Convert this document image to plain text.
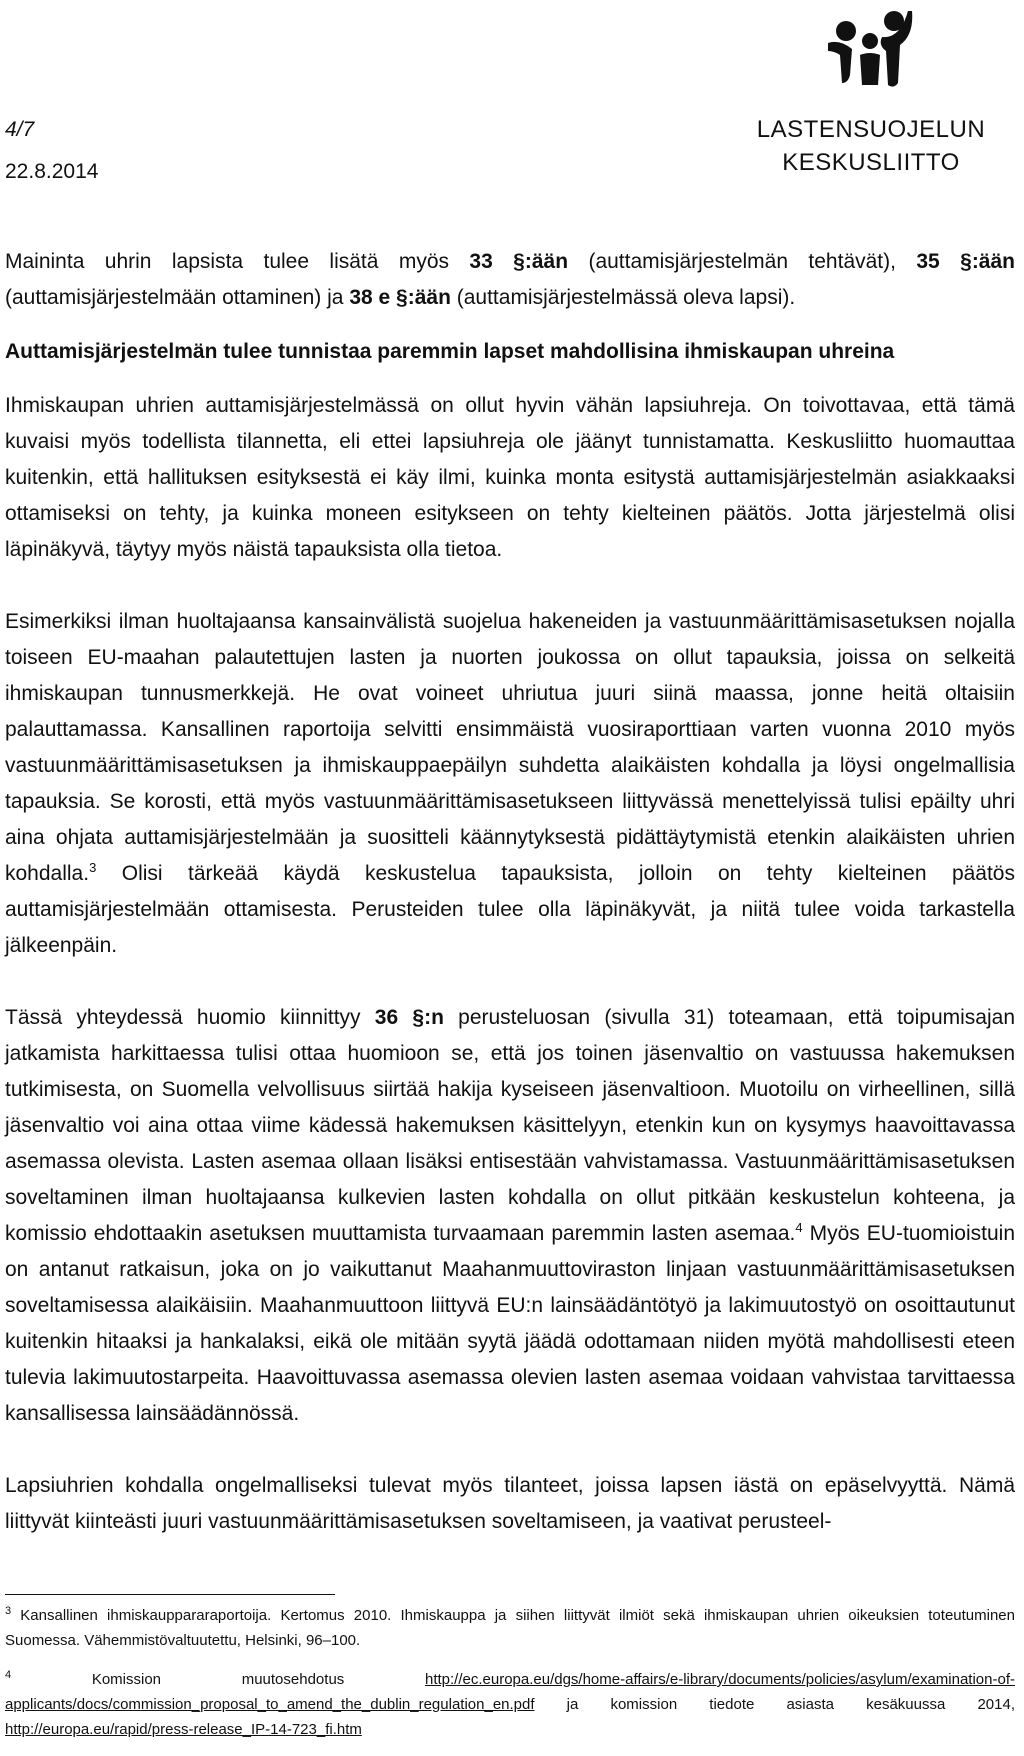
4/7
22.8.2014
LASTENSUOJELUN
KESKUSLIITTO

Maininta uhrin lapsista tulee lisätä myös 33 §:ään (auttamisjärjestelmän tehtävät), 35 §:ään (auttamisjärjestelmään ottaminen) ja 38 e §:ään (auttamisjärjestelmässä oleva lapsi).

Auttamisjärjestelmän tulee tunnistaa paremmin lapset mahdollisina ihmiskaupan uhreina

Ihmiskaupan uhrien auttamisjärjestelmässä on ollut hyvin vähän lapsiuhreja. On toivottavaa, että tämä kuvaisi myös todellista tilannetta, eli ettei lapsiuhreja ole jäänyt tunnistamatta. Keskusliitto huomauttaa kuitenkin, että hallituksen esityksestä ei käy ilmi, kuinka monta esitystä auttamisjärjestelmän asiakkaaksi ottamiseksi on tehty, ja kuinka moneen esitykseen on tehty kielteinen päätös. Jotta järjestelmä olisi läpinäkyvä, täytyy myös näistä tapauksista olla tietoa.

Esimerkiksi ilman huoltajaansa kansainvälistä suojelua hakeneiden ja vastuunmäärittämisasetuksen nojalla toiseen EU-maahan palautettujen lasten ja nuorten joukossa on ollut tapauksia, joissa on selkeitä ihmiskaupan tunnusmerkkejä. He ovat voineet uhriutua juuri siinä maassa, jonne heitä oltaisiin palauttamassa. Kansallinen raportoija selvitti ensimmäistä vuosiraporttiaan varten vuonna 2010 myös vastuunmäärittämisasetuksen ja ihmiskauppaepäilyn suhdetta alaikäisten kohdalla ja löysi ongelmallisia tapauksia. Se korosti, että myös vastuunmäärittämisasetukseen liittyvässä menettelyissä tulisi epäilty uhri aina ohjata auttamisjärjestelmään ja suositteli käännytyksestä pidättäytymistä etenkin alaikäisten uhrien kohdalla.$^3$ Olisi tärkeää käydä keskustelua tapauksista, jolloin on tehty kielteinen päätös auttamisjärjestelmään ottamisesta. Perusteiden tulee olla läpinäkyvät, ja niitä tulee voida tarkastella jälkeenpäin.

Tässä yhteydessä huomio kiinnittyy 36 §:n perusteluosan (sivulla 31) toteamaan, että toipumisajan jatkamista harkittaessa tulisi ottaa huomioon se, että jos toinen jäsenvaltio on vastuussa hakemuksen tutkimisesta, on Suomella velvollisuus siirtää hakija kyseiseen jäsenvaltioon. Muotoilu on virheellinen, sillä jäsenvaltio voi aina ottaa viime kädessä hakemuksen käsittelyyn, etenkin kun on kysymys haavoittavassa asemassa olevista. Lasten asemaa ollaan lisäksi entisestään vahvistamassa. Vastuunmäärittämisasetuksen soveltaminen ilman huoltajaansa kulkevien lasten kohdalla on ollut pitkään keskustelun kohteena, ja komissio ehdottaakin asetuksen muuttamista turvaamaan paremmin lasten asemaa.$^4$ Myös EU-tuomioistuin on antanut ratkaisun, joka on jo vaikuttanut Maahanmuuttoviraston linjaan vastuunmäärittämisasetuksen soveltamisessa alaikäisiin. Maahanmuuttoon liittyvä EU:n lainsäädäntötyö ja lakimuutostyö on osoittautunut kuitenkin hitaaksi ja hankalaksi, eikä ole mitään syytä jäädä odottamaan niiden myötä mahdollisesti eteen tulevia lakimuutostarpeita. Haavoittuvassa asemassa olevien lasten asemaa voidaan vahvistaa tarvittaessa kansallisessa lainsäädännössä.

Lapsiuhrien kohdalla ongelmalliseksi tulevat myös tilanteet, joissa lapsen iästä on epäselvyyttä. Nämä liittyvät kiinteästi juuri vastuunmäärittämisasetuksen soveltamiseen, ja vaativat perusteel-

$^3$ Kansallinen ihmiskauppararaportoija. Kertomus 2010. Ihmiskauppa ja siihen liittyvät ilmiöt sekä ihmiskaupan uhrien oikeuksien toteutuminen Suomessa. Vähemmistövaltuutettu, Helsinki, 96–100.

$^4$ Komission muutosehdotus http://ec.europa.eu/dgs/home-affairs/e-library/documents/policies/asylum/examination-of-applicants/docs/commission_proposal_to_amend_the_dublin_regulation_en.pdf ja komission tiedote asiasta kesäkuussa 2014, http://europa.eu/rapid/press-release_IP-14-723_fi.htm
